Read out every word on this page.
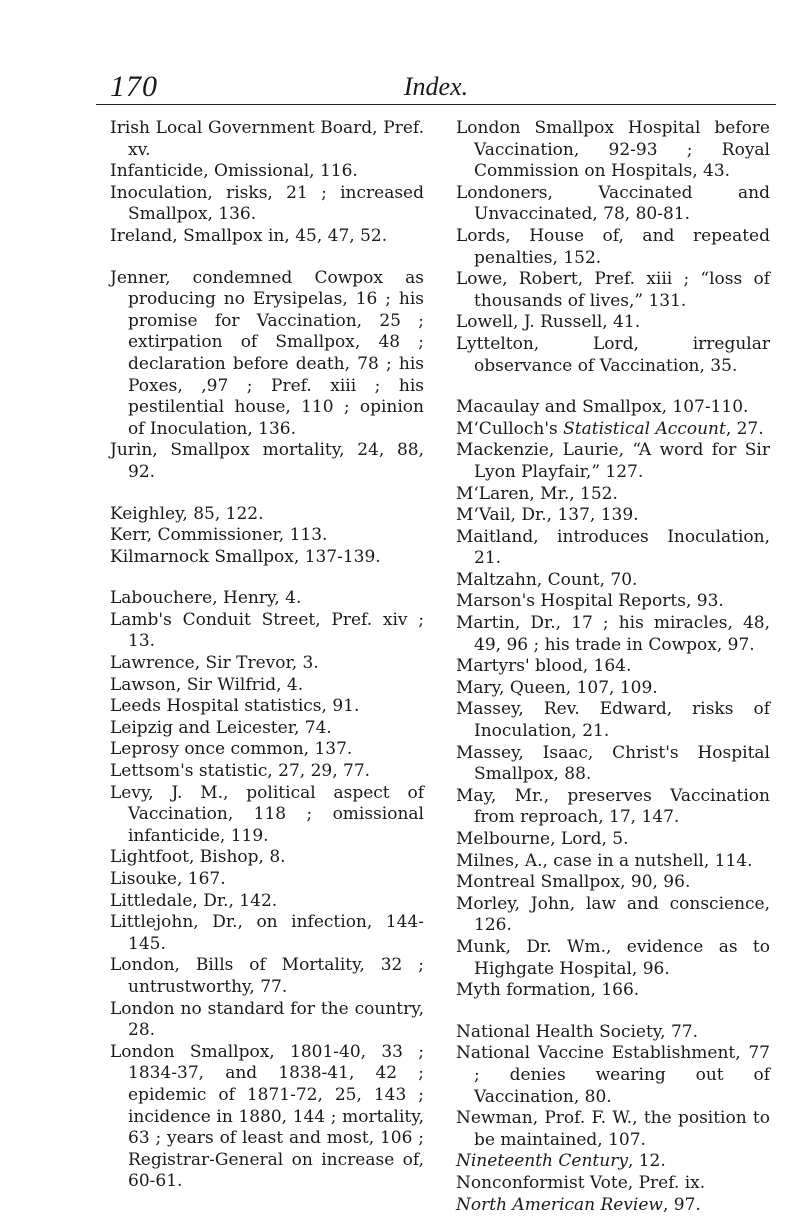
170	Index.

Irish Local Government Board, Pref. xv.

Infanticide, Omissional, 116.

Inoculation, risks, 21 ; increased Smallpox, 136.

Ireland, Smallpox in, 45, 47, 52.

Jenner, condemned Cowpox as producing no Erysipelas, 16 ; his promise for Vaccination, 25 ; extirpation of Smallpox, 48 ; declaration before death, 78 ; his Poxes, ,97 ; Pref. xiii ; his pestilential house, 110 ; opinion of Inoculation, 136.

Jurin, Smallpox mortality, 24, 88, 92.

Keighley, 85, 122.

Kerr, Commissioner, 113.

Kilmarnock Smallpox, 137-139.

Labouchere, Henry, 4.

Lamb's Conduit Street, Pref. xiv ; 13.

Lawrence, Sir Trevor, 3.

Lawson, Sir Wilfrid, 4.

Leeds Hospital statistics, 91.

Leipzig and Leicester, 74.

Leprosy once common, 137.

Lettsom's statistic, 27, 29, 77.

Levy, J. M., political aspect of Vaccination, 118 ; omissional infanticide, 119.

Lightfoot, Bishop, 8.

Lisouke, 167.

Littledale, Dr., 142.

Littlejohn, Dr., on infection, 144-145.

London, Bills of Mortality, 32 ; untrustworthy, 77.

London no standard for the country, 28.

London Smallpox, 1801-40, 33 ; 1834-37, and 1838-41, 42 ; epidemic of 1871-72, 25, 143 ; incidence in 1880, 144 ; mortality, 63 ; years of least and most, 106 ; Registrar-General on increase of, 60-61.

London Smallpox Hospital before Vaccination, 92-93 ; Royal Commission on Hospitals, 43.

Londoners, Vaccinated and Unvaccinated, 78, 80-81.

Lords, House of, and repeated penalties, 152.

Lowe, Robert, Pref. xiii ; “loss of thousands of lives,” 131.

Lowell, J. Russell, 41.

Lyttelton, Lord, irregular observance of Vaccination, 35.

Macaulay and Smallpox, 107-110.

M‘Culloch's Statistical Account, 27.

Mackenzie, Laurie, “A word for Sir Lyon Playfair,” 127.

M‘Laren, Mr., 152.

M‘Vail, Dr., 137, 139.

Maitland, introduces Inoculation, 21.

Maltzahn, Count, 70.

Marson's Hospital Reports, 93.

Martin, Dr., 17 ; his miracles, 48, 49, 96 ; his trade in Cowpox, 97.

Martyrs' blood, 164.

Mary, Queen, 107, 109.

Massey, Rev. Edward, risks of Inoculation, 21.

Massey, Isaac, Christ's Hospital Smallpox, 88.

May, Mr., preserves Vaccination from reproach, 17, 147.

Melbourne, Lord, 5.

Milnes, A., case in a nutshell, 114.

Montreal Smallpox, 90, 96.

Morley, John, law and conscience, 126.

Munk, Dr. Wm., evidence as to Highgate Hospital, 96.

Myth formation, 166.

National Health Society, 77.

National Vaccine Establishment, 77 ; denies wearing out of Vaccination, 80.

Newman, Prof. F. W., the position to be maintained, 107.

Nineteenth Century, 12.

Nonconformist Vote, Pref. ix.

North American Review, 97.
